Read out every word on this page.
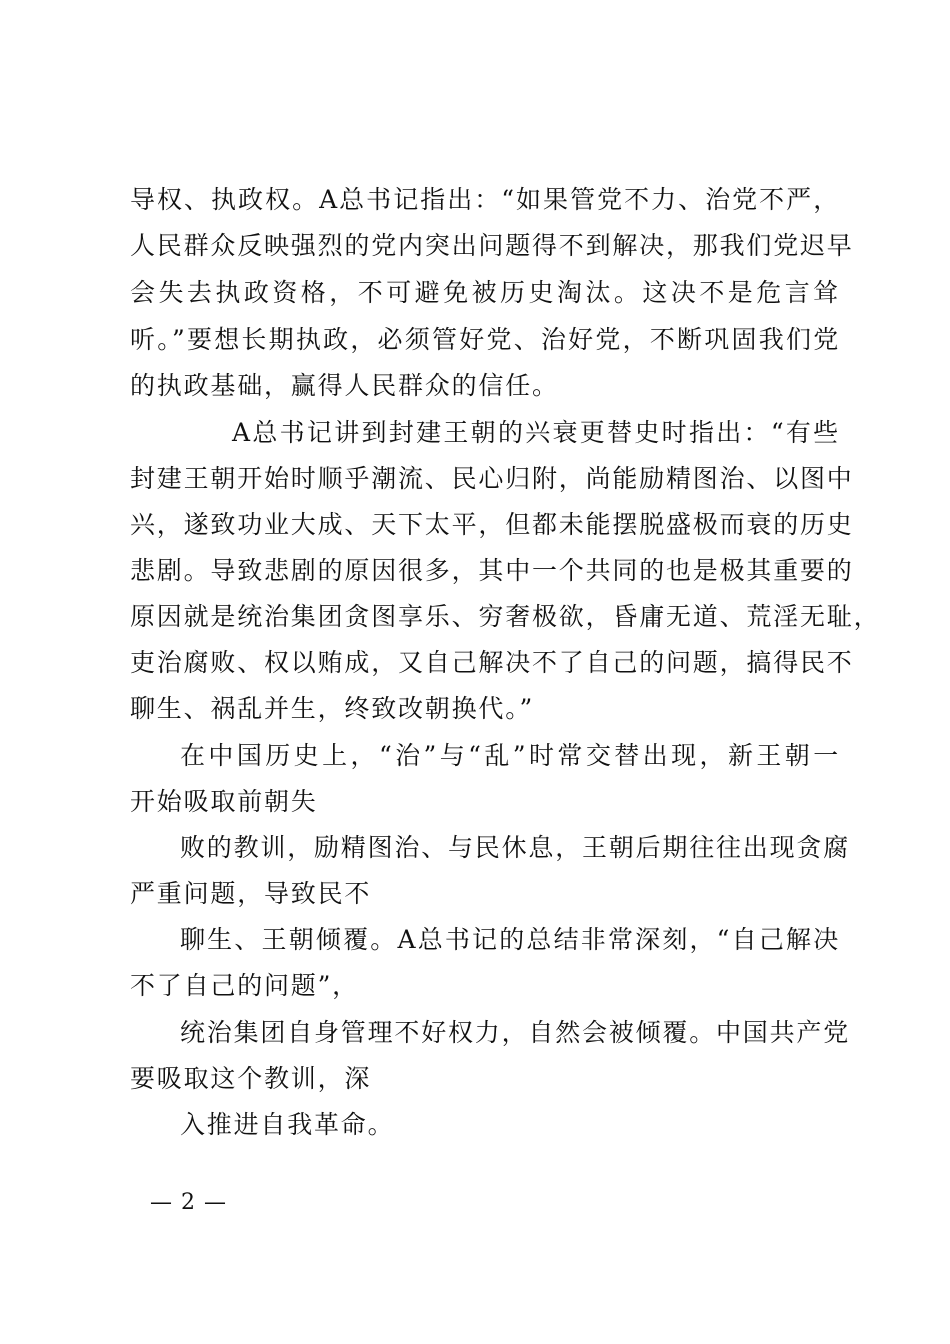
导权、执政权。A总书记指出：“如果管党不力、治党不严，
人民群众反映强烈的党内突出问题得不到解决，那我们党迟早
会失去执政资格，不可避免被历史淘汰。这决不是危言耸
听。”要想长期执政，必须管好党、治好党，不断巩固我们党
的执政基础，赢得人民群众的信任。
A总书记讲到封建王朝的兴衰更替史时指出：“有些
封建王朝开始时顺乎潮流、民心归附，尚能励精图治、以图中
兴，遂致功业大成、天下太平，但都未能摆脱盛极而衰的历史
悲剧。导致悲剧的原因很多，其中一个共同的也是极其重要的
原因就是统治集团贪图享乐、穷奢极欲，昏庸无道、荒淫无耻，
吏治腐败、权以贿成，又自己解决不了自己的问题，搞得民不
聊生、祸乱并生，终致改朝换代。”
在中国历史上，“治”与“乱”时常交替出现，新王朝一
开始吸取前朝失
败的教训，励精图治、与民休息，王朝后期往往出现贪腐
严重问题，导致民不
聊生、王朝倾覆。A总书记的总结非常深刻，“自己解决
不了自己的问题”，
统治集团自身管理不好权力，自然会被倾覆。中国共产党
要吸取这个教训，深
入推进自我革命。
— 2 —
